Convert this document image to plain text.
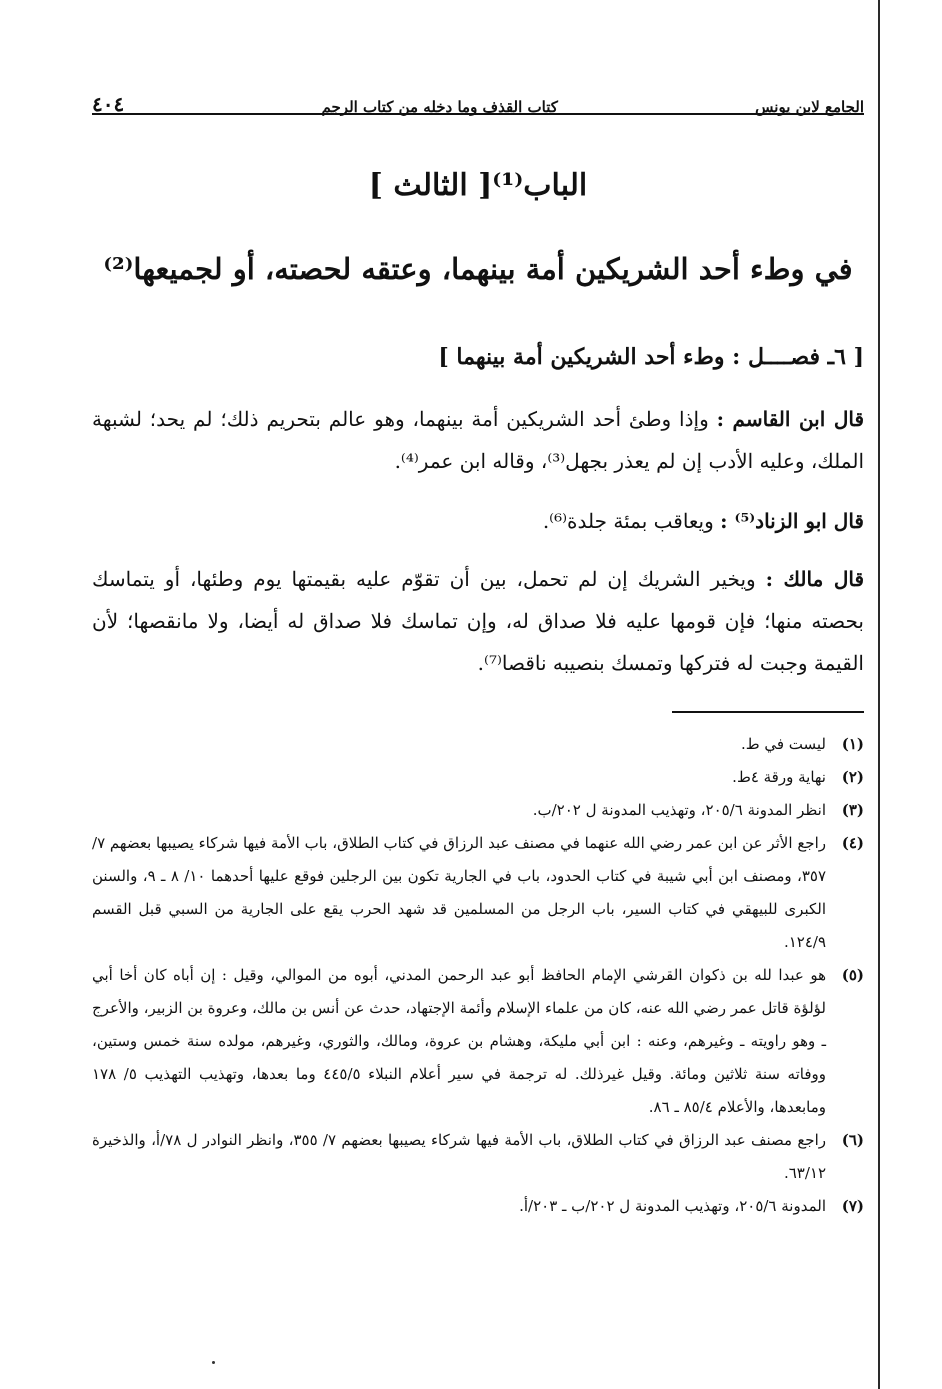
الجامع لابن يونس
كتاب القذف وما دخله من كتاب الرجم
٤٠٤
الباب⁽¹⁾[ الثالث ]
في وطء أحد الشريكين أمة بينهما، وعتقه لحصته، أو لجميعها⁽²⁾
[ ٦ـ فصــــل : وطء أحد الشريكين أمة بينهما ]

قال ابن القاسم : وإذا وطئ أحد الشريكين أمة بينهما، وهو عالم بتحريم ذلك؛ لم يحد؛ لشبهة الملك، وعليه الأدب إن لم يعذر بجهل⁽³⁾، وقاله ابن عمر⁽⁴⁾.

قال ابو الزناد⁽⁵⁾ : ويعاقب بمئة جلدة⁽⁶⁾.

قال مالك : ويخير الشريك إن لم تحمل، بين أن تقوّم عليه بقيمتها يوم وطئها، أو يتماسك بحصته منها؛ فإن قومها عليه فلا صداق له، وإن تماسك فلا صداق له أيضا، ولا مانقصها؛ لأن القيمة وجبت له فتركها وتمسك بنصيبه ناقصا⁽⁷⁾.

(١)
ليست في ط.
(٢)
نهاية ورقة ٤ط.
(٣)
انظر المدونة ٢٠٥/٦، وتهذيب المدونة ل ٢٠٢/ب.
(٤)
راجع الأثر عن ابن عمر رضي الله عنهما في مصنف عبد الرزاق في كتاب الطلاق، باب الأمة فيها شركاء يصيبها بعضهم ٧/ ٣٥٧، ومصنف ابن أبي شيبة في كتاب الحدود، باب في الجارية تكون بين الرجلين فوقع عليها أحدهما ١٠/ ٨ ـ ٩، والسنن الكبرى للبيهقي في كتاب السير، باب الرجل من المسلمين قد شهد الحرب يقع على الجارية من السبي قبل القسم ١٢٤/٩.
(٥)
هو عبدا لله بن ذكوان القرشي الإمام الحافظ أبو عبد الرحمن المدني، أبوه من الموالي، وقيل : إن أباه كان أخا أبي لؤلؤة قاتل عمر رضي الله عنه، كان من علماء الإسلام وأئمة الإجتهاد، حدث عن أنس بن مالك، وعروة بن الزبير، والأعرج ـ وهو راويته ـ وغيرهم، وعنه : ابن أبي مليكة، وهشام بن عروة، ومالك، والثوري، وغيرهم، مولده سنة خمس وستين، ووفاته سنة ثلاثين ومائة. وقيل غيرذلك. له ترجمة في سير أعلام النبلاء ٤٤٥/٥ وما بعدها، وتهذيب التهذيب ٥/ ١٧٨ ومابعدها، والأعلام ٨٥/٤ ـ ٨٦.
(٦)
راجع مصنف عبد الرزاق في كتاب الطلاق، باب الأمة فيها شركاء يصيبها بعضهم ٧/ ٣٥٥، وانظر النوادر ل ٧٨/أ، والذخيرة ٦٣/١٢.
(٧)
المدونة ٢٠٥/٦، وتهذيب المدونة ل ٢٠٢/ب ـ ٢٠٣/أ.
